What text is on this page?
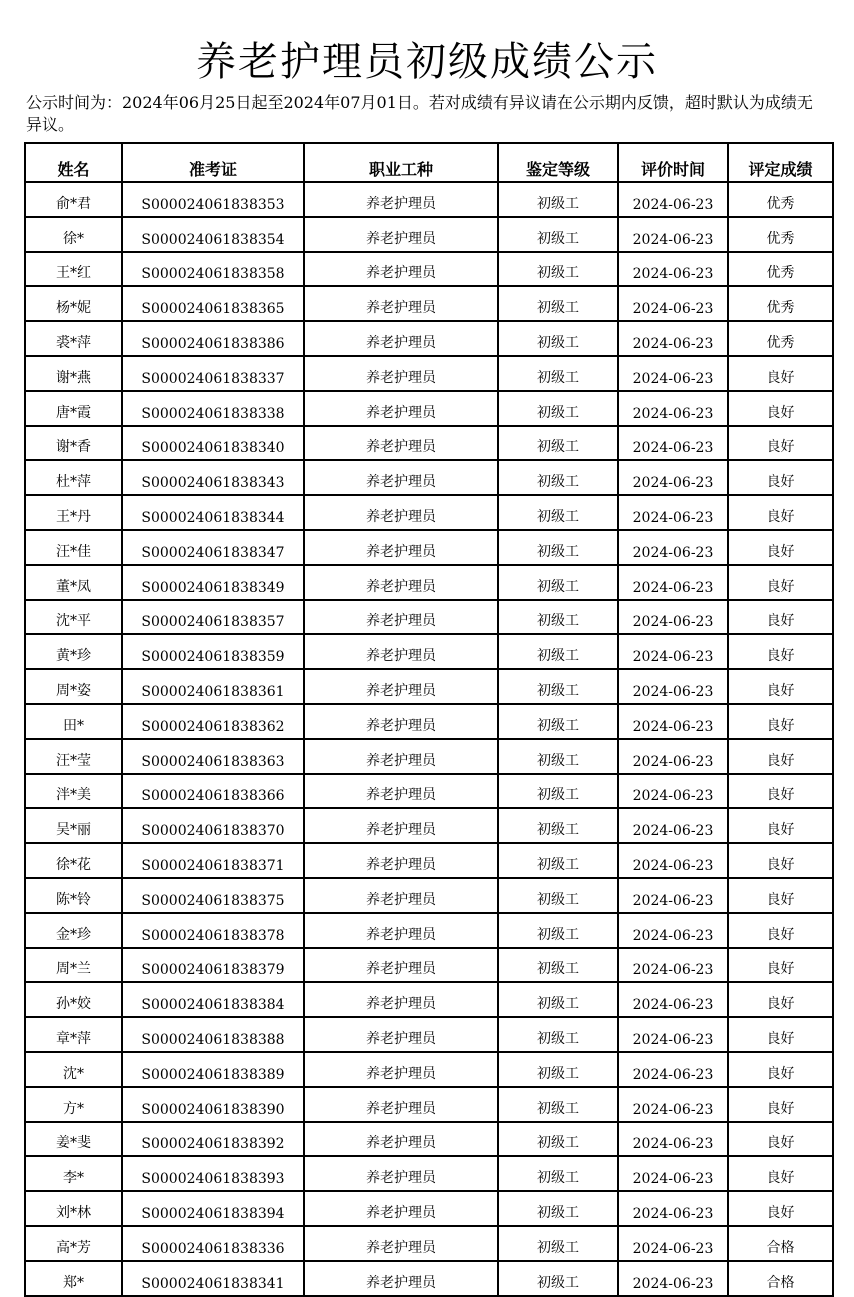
养老护理员初级成绩公示
公示时间为：2024年06月25日起至2024年07月01日。若对成绩有异议请在公示期内反馈，超时默认为成绩无异议。
姓名	准考证	职业工种	鉴定等级	评价时间	评定成绩
俞*君	S000024061838353	养老护理员	初级工	2024-06-23	优秀
徐*	S000024061838354	养老护理员	初级工	2024-06-23	优秀
王*红	S000024061838358	养老护理员	初级工	2024-06-23	优秀
杨*妮	S000024061838365	养老护理员	初级工	2024-06-23	优秀
裘*萍	S000024061838386	养老护理员	初级工	2024-06-23	优秀
谢*燕	S000024061838337	养老护理员	初级工	2024-06-23	良好
唐*霞	S000024061838338	养老护理员	初级工	2024-06-23	良好
谢*香	S000024061838340	养老护理员	初级工	2024-06-23	良好
杜*萍	S000024061838343	养老护理员	初级工	2024-06-23	良好
王*丹	S000024061838344	养老护理员	初级工	2024-06-23	良好
汪*佳	S000024061838347	养老护理员	初级工	2024-06-23	良好
董*凤	S000024061838349	养老护理员	初级工	2024-06-23	良好
沈*平	S000024061838357	养老护理员	初级工	2024-06-23	良好
黄*珍	S000024061838359	养老护理员	初级工	2024-06-23	良好
周*姿	S000024061838361	养老护理员	初级工	2024-06-23	良好
田*	S000024061838362	养老护理员	初级工	2024-06-23	良好
汪*莹	S000024061838363	养老护理员	初级工	2024-06-23	良好
泮*美	S000024061838366	养老护理员	初级工	2024-06-23	良好
吴*丽	S000024061838370	养老护理员	初级工	2024-06-23	良好
徐*花	S000024061838371	养老护理员	初级工	2024-06-23	良好
陈*铃	S000024061838375	养老护理员	初级工	2024-06-23	良好
金*珍	S000024061838378	养老护理员	初级工	2024-06-23	良好
周*兰	S000024061838379	养老护理员	初级工	2024-06-23	良好
孙*姣	S000024061838384	养老护理员	初级工	2024-06-23	良好
章*萍	S000024061838388	养老护理员	初级工	2024-06-23	良好
沈*	S000024061838389	养老护理员	初级工	2024-06-23	良好
方*	S000024061838390	养老护理员	初级工	2024-06-23	良好
姜*斐	S000024061838392	养老护理员	初级工	2024-06-23	良好
李*	S000024061838393	养老护理员	初级工	2024-06-23	良好
刘*林	S000024061838394	养老护理员	初级工	2024-06-23	良好
高*芳	S000024061838336	养老护理员	初级工	2024-06-23	合格
郑*	S000024061838341	养老护理员	初级工	2024-06-23	合格
